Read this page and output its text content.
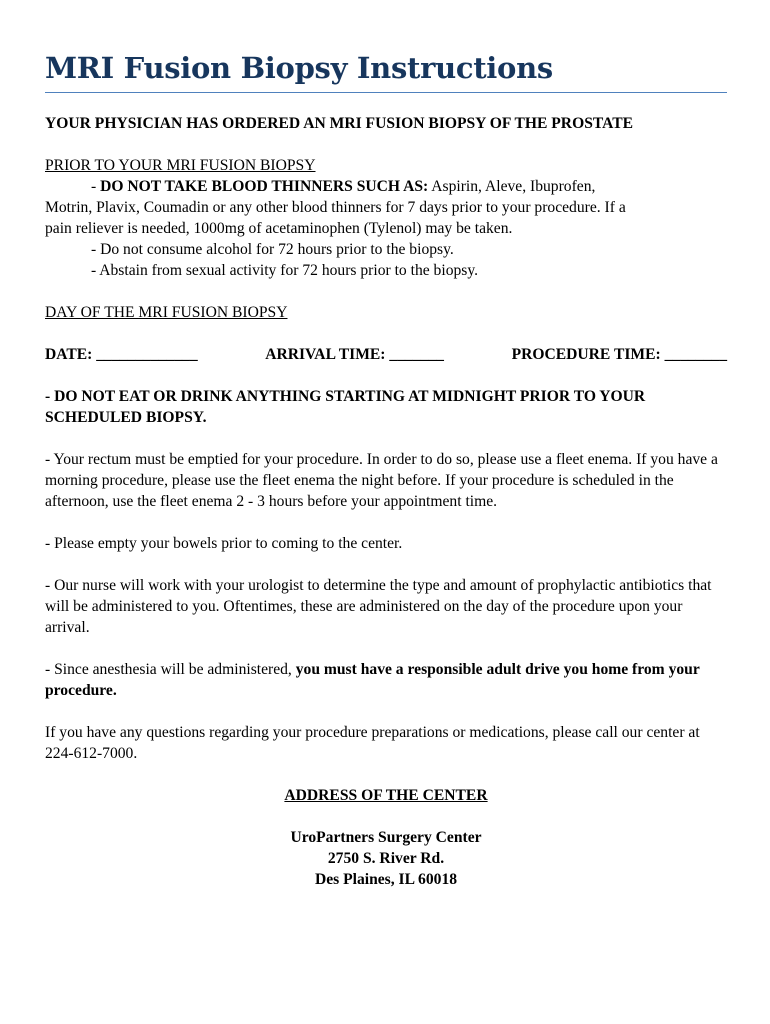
MRI Fusion Biopsy Instructions
YOUR PHYSICIAN HAS ORDERED AN MRI FUSION BIOPSY OF THE PROSTATE
PRIOR TO YOUR MRI FUSION BIOPSY
- DO NOT TAKE BLOOD THINNERS SUCH AS: Aspirin, Aleve, Ibuprofen,
Motrin, Plavix, Coumadin or any other blood thinners for 7 days prior to your procedure. If a
pain reliever is needed, 1000mg of acetaminophen (Tylenol) may be taken.
- Do not consume alcohol for 72 hours prior to the biopsy.
- Abstain from sexual activity for 72 hours prior to the biopsy.
DAY OF THE MRI FUSION BIOPSY
DATE: _____________	ARRIVAL TIME: _______	PROCEDURE TIME: ________
- DO NOT EAT OR DRINK ANYTHING STARTING AT MIDNIGHT PRIOR TO YOUR SCHEDULED BIOPSY.
- Your rectum must be emptied for your procedure. In order to do so, please use a fleet enema. If you have a morning procedure, please use the fleet enema the night before. If your procedure is scheduled in the afternoon, use the fleet enema 2 - 3 hours before your appointment time.
- Please empty your bowels prior to coming to the center.
- Our nurse will work with your urologist to determine the type and amount of prophylactic antibiotics that will be administered to you. Oftentimes, these are administered on the day of the procedure upon your arrival.
- Since anesthesia will be administered, you must have a responsible adult drive you home from your procedure.
If you have any questions regarding your procedure preparations or medications, please call our center at 224-612-7000.
ADDRESS OF THE CENTER
UroPartners Surgery Center
2750 S. River Rd.
Des Plaines, IL 60018
